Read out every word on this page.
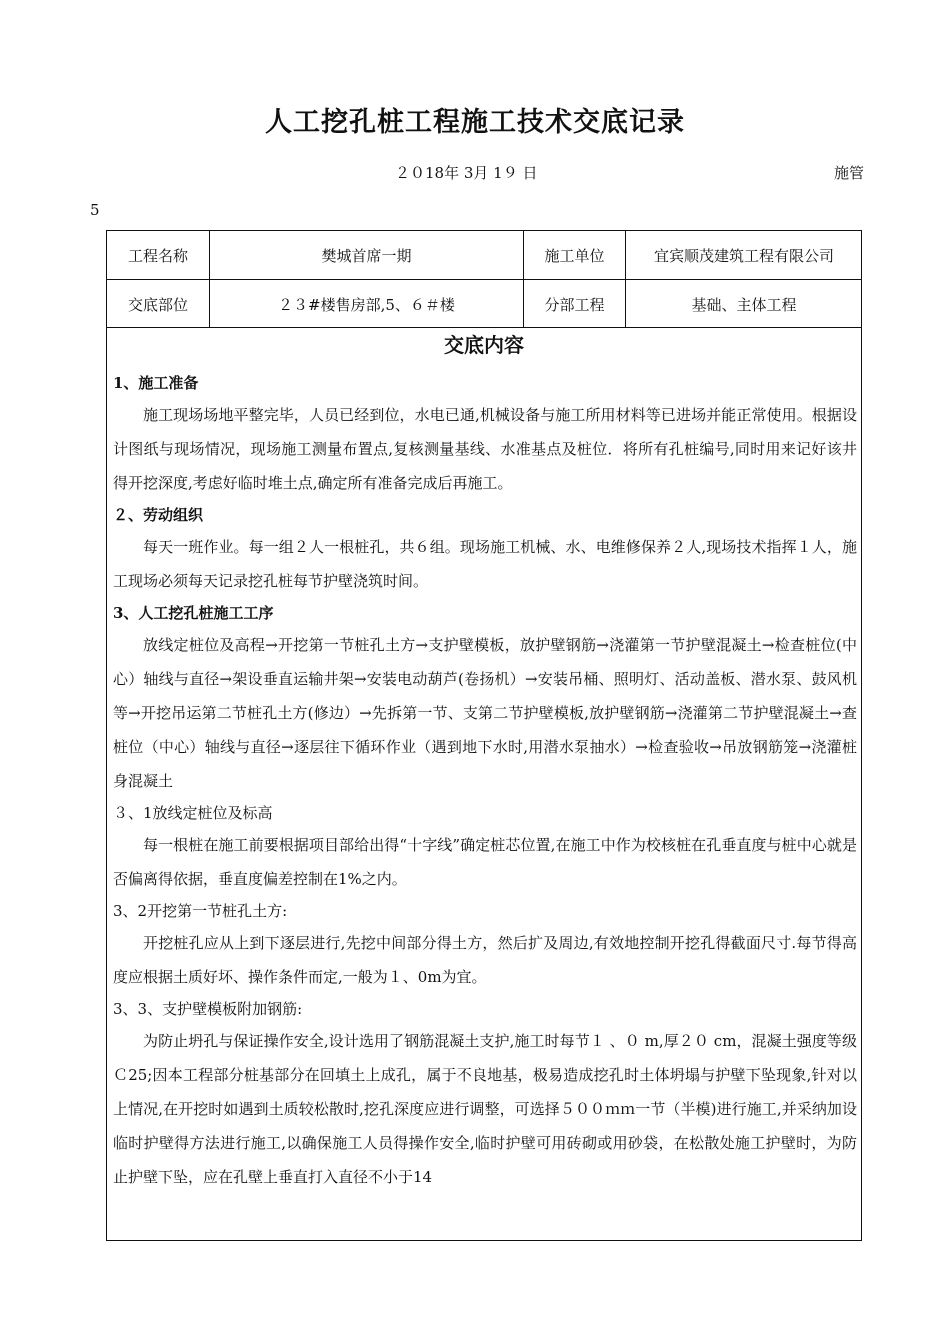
人工挖孔桩工程施工技术交底记录
２０18年 3月 1９ 日	施管
5
工程名称	樊城首席一期	施工单位	宜宾顺茂建筑工程有限公司
交底部位	２３#楼售房部,5、６＃楼	分部工程	基础、主体工程
交底内容

1、施工准备

施工现场场地平整完毕，人员已经到位，水电已通,机械设备与施工所用材料等已进场并能正常使用。根据设计图纸与现场情况，现场施工测量布置点,复核测量基线、水准基点及桩位．将所有孔桩编号,同时用来记好该井得开挖深度,考虑好临时堆土点,确定所有准备完成后再施工。

２、劳动组织

每天一班作业。每一组２人一根桩孔，共６组。现场施工机械、水、电维修保养２人,现场技术指挥１人，施工现场必须每天记录挖孔桩每节护壁浇筑时间。

3、人工挖孔桩施工工序

放线定桩位及高程→开挖第一节桩孔土方→支护壁模板，放护壁钢筋→浇灌第一节护壁混凝土→检查桩位(中心）轴线与直径→架设垂直运输井架→安装电动葫芦(卷扬机）→安装吊桶、照明灯、活动盖板、潜水泵、鼓风机等→开挖吊运第二节桩孔土方(修边）→先拆第一节、支第二节护壁模板,放护壁钢筋→浇灌第二节护壁混凝土→查桩位（中心）轴线与直径→逐层往下循环作业（遇到地下水时,用潜水泵抽水）→检查验收→吊放钢筋笼→浇灌桩身混凝土

３、1放线定桩位及标高

每一根桩在施工前要根据项目部给出得“十字线”确定桩芯位置,在施工中作为校核桩在孔垂直度与桩中心就是否偏离得依据，垂直度偏差控制在1%之内。

3、2开挖第一节桩孔土方:

开挖桩孔应从上到下逐层进行,先挖中间部分得土方，然后扩及周边,有效地控制开挖孔得截面尺寸.每节得高度应根据土质好坏、操作条件而定,一般为１、0m为宜。

3、3、支护壁模板附加钢筋:

为防止坍孔与保证操作安全,设计选用了钢筋混凝土支护,施工时每节１ 、０ m,厚２０ cm，混凝土强度等级Ｃ25;因本工程部分桩基部分在回填土上成孔，属于不良地基，极易造成挖孔时土体坍塌与护壁下坠现象,针对以上情况,在开挖时如遇到土质较松散时,挖孔深度应进行调整，可选择５００ｍｍ一节（半模)进行施工,并采纳加设临时护壁得方法进行施工,以确保施工人员得操作安全,临时护壁可用砖砌或用砂袋，在松散处施工护壁时，为防止护壁下坠，应在孔壁上垂直打入直径不小于14
